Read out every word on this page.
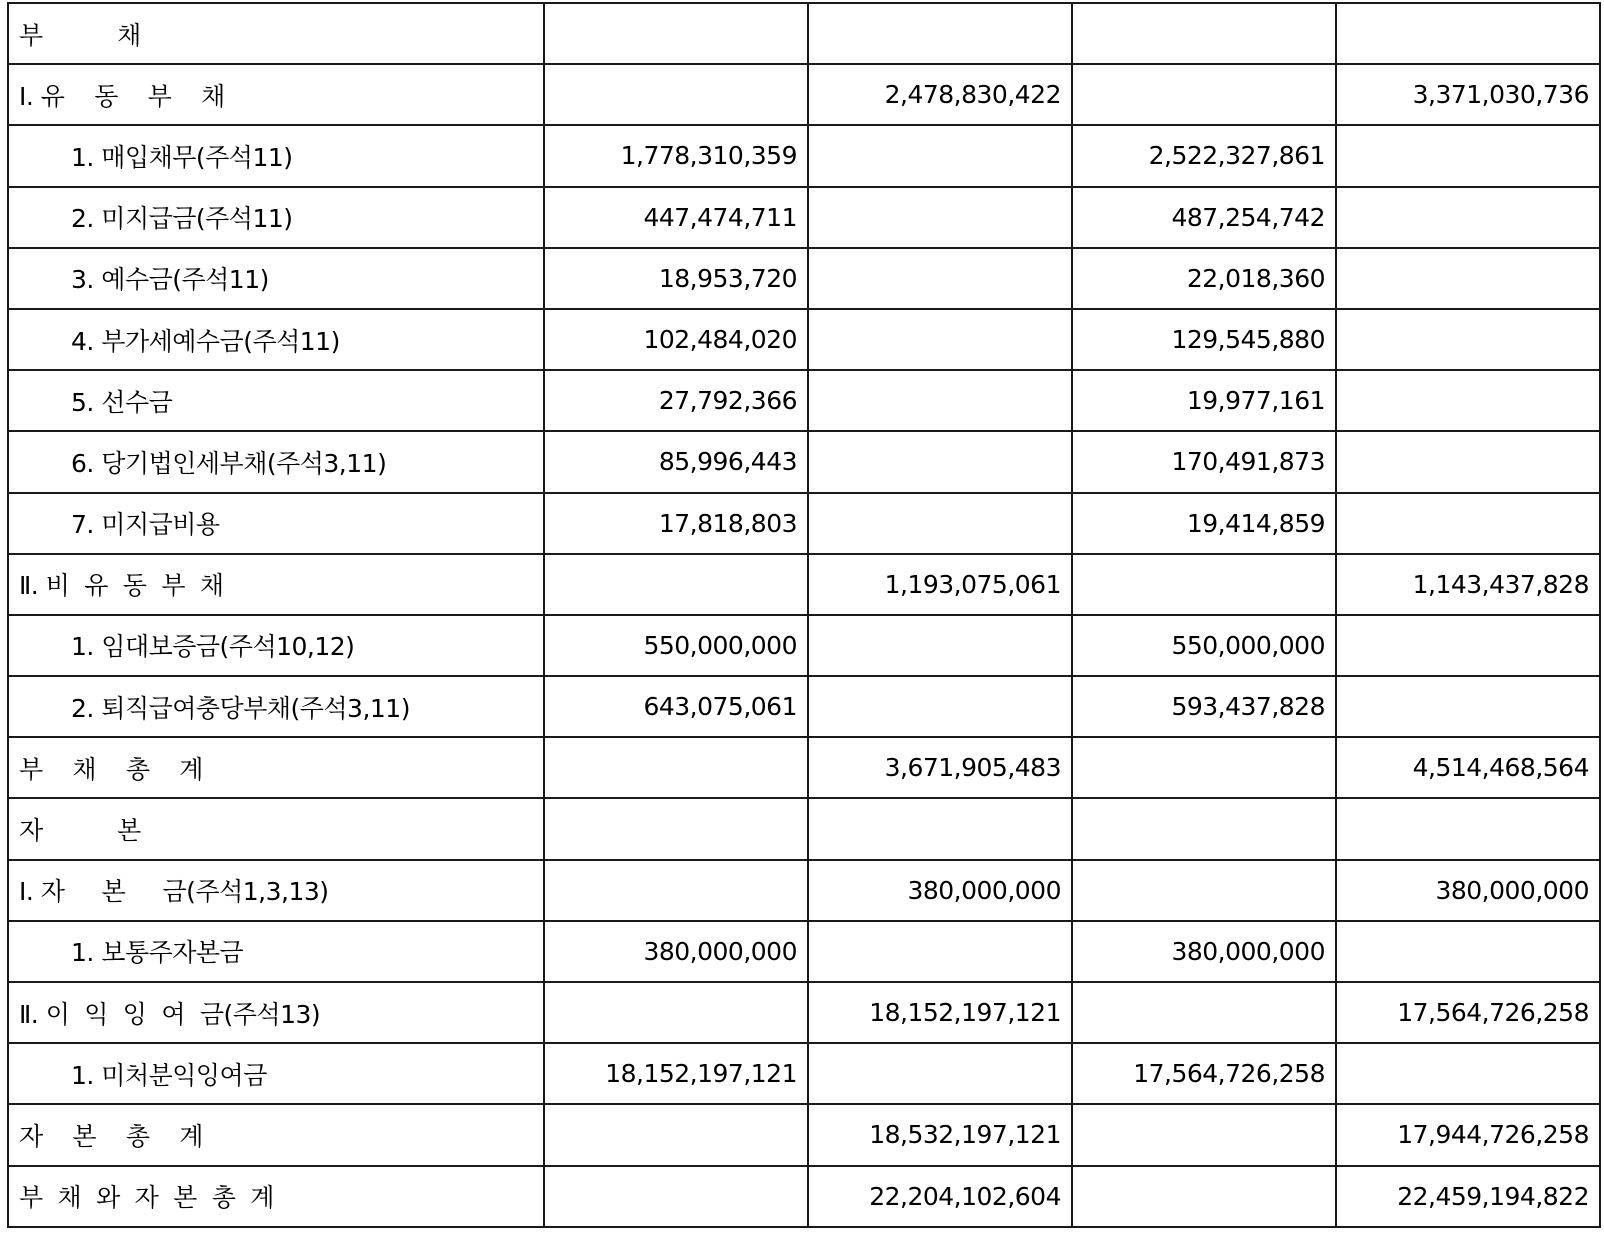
부          채				
Ⅰ. 유    동    부    채		2,478,830,422		3,371,030,736
1. 매입채무(주석11)	1,778,310,359		2,522,327,861	
2. 미지급금(주석11)	447,474,711		487,254,742	
3. 예수금(주석11)	18,953,720		22,018,360	
4. 부가세예수금(주석11)	102,484,020		129,545,880	
5. 선수금	27,792,366		19,977,161	
6. 당기법인세부채(주석3,11)	85,996,443		170,491,873	
7. 미지급비용	17,818,803		19,414,859	
Ⅱ. 비  유  동  부  채		1,193,075,061		1,143,437,828
1. 임대보증금(주석10,12)	550,000,000		550,000,000	
2. 퇴직급여충당부채(주석3,11)	643,075,061		593,437,828	
부    채    총    계		3,671,905,483		4,514,468,564
자          본				
Ⅰ. 자     본     금(주석1,3,13)		380,000,000		380,000,000
1. 보통주자본금	380,000,000		380,000,000	
Ⅱ. 이  익  잉  여  금(주석13)		18,152,197,121		17,564,726,258
1. 미처분익잉여금	18,152,197,121		17,564,726,258	
자    본    총    계		18,532,197,121		17,944,726,258
부  채  와  자  본  총  계		22,204,102,604		22,459,194,822
